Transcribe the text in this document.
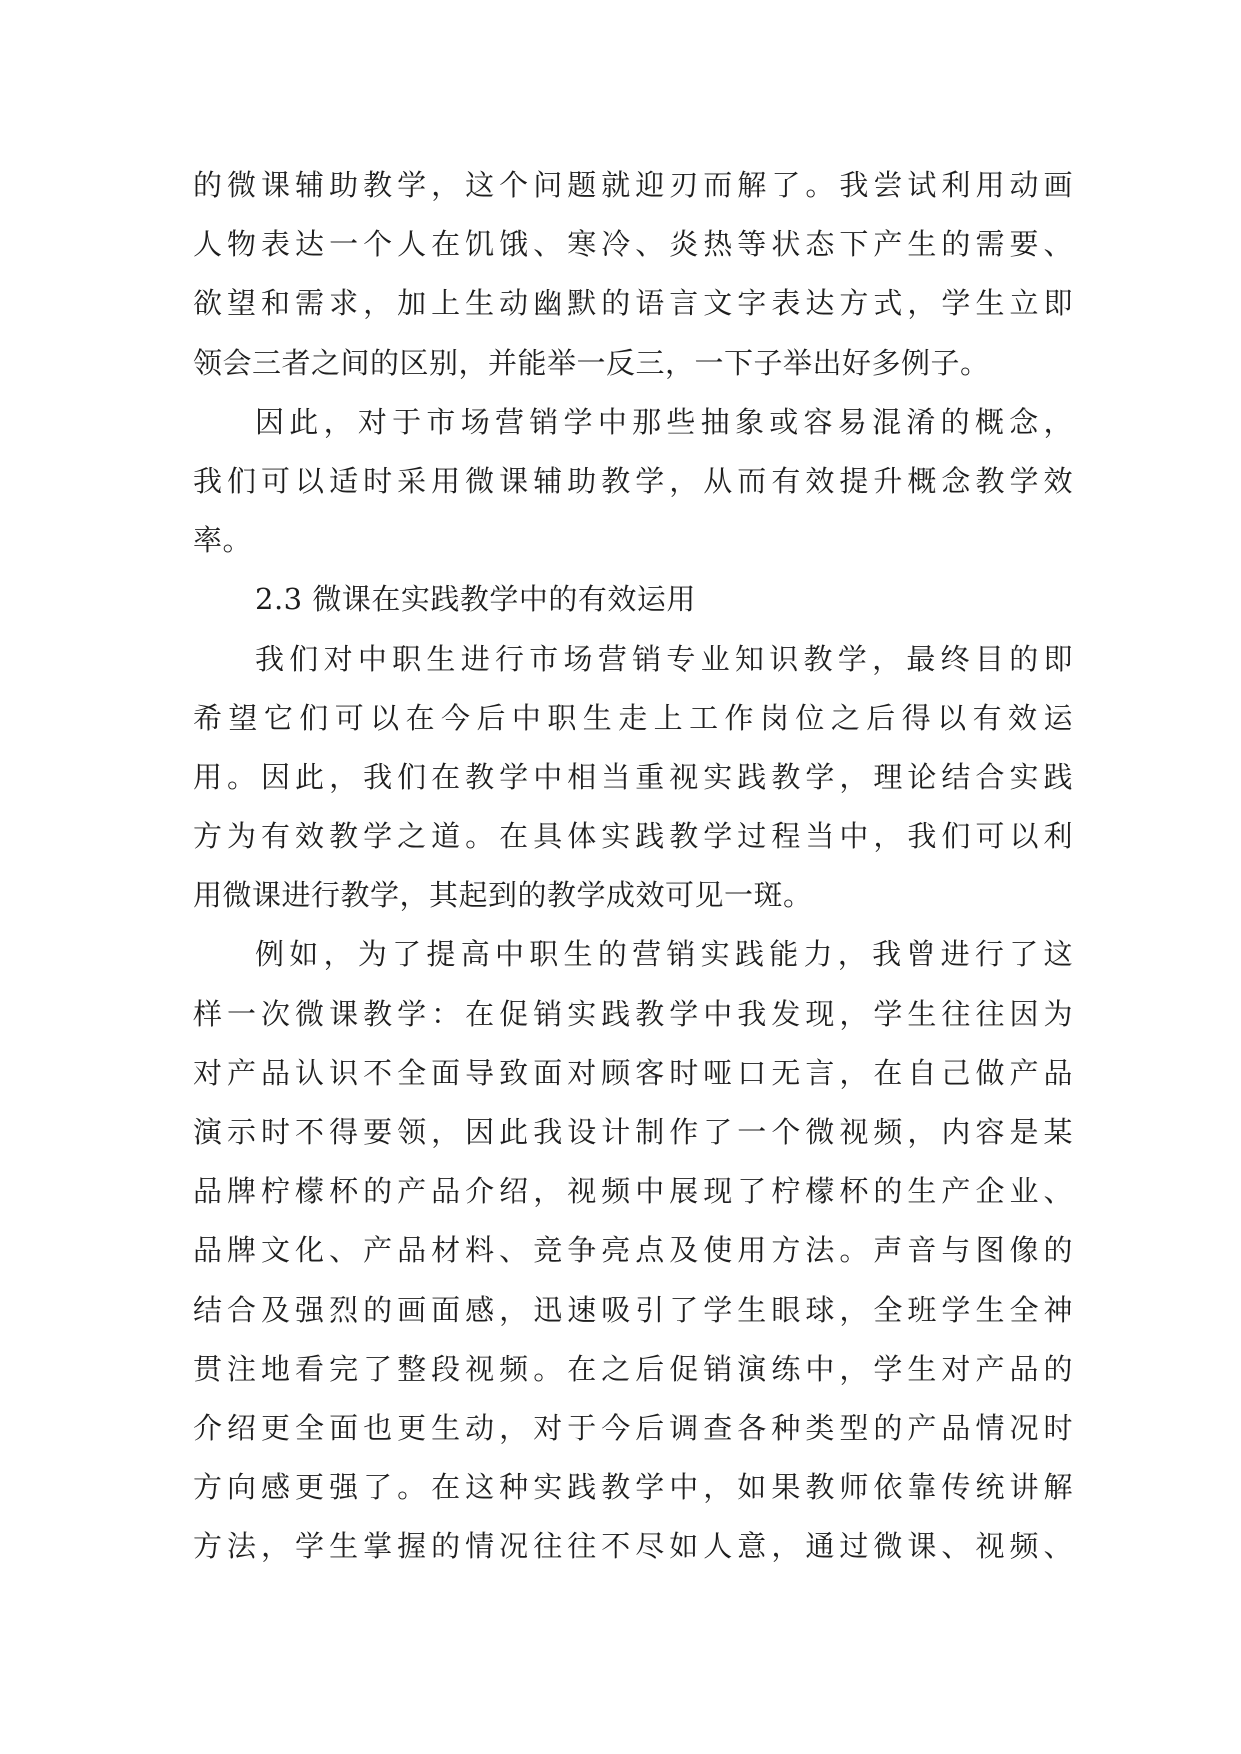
的微课辅助教学，这个问题就迎刃而解了。我尝试利用动画
人物表达一个人在饥饿、寒冷、炎热等状态下产生的需要、
欲望和需求，加上生动幽默的语言文字表达方式，学生立即
领会三者之间的区别，并能举一反三，一下子举出好多例子。
因此，对于市场营销学中那些抽象或容易混淆的概念，
我们可以适时采用微课辅助教学，从而有效提升概念教学效
率。
2.3 微课在实践教学中的有效运用
我们对中职生进行市场营销专业知识教学，最终目的即
希望它们可以在今后中职生走上工作岗位之后得以有效运
用。因此，我们在教学中相当重视实践教学，理论结合实践
方为有效教学之道。在具体实践教学过程当中，我们可以利
用微课进行教学，其起到的教学成效可见一斑。
例如，为了提高中职生的营销实践能力，我曾进行了这
样一次微课教学：在促销实践教学中我发现，学生往往因为
对产品认识不全面导致面对顾客时哑口无言，在自己做产品
演示时不得要领，因此我设计制作了一个微视频，内容是某
品牌柠檬杯的产品介绍，视频中展现了柠檬杯的生产企业、
品牌文化、产品材料、竞争亮点及使用方法。声音与图像的
结合及强烈的画面感，迅速吸引了学生眼球，全班学生全神
贯注地看完了整段视频。在之后促销演练中，学生对产品的
介绍更全面也更生动，对于今后调查各种类型的产品情况时
方向感更强了。在这种实践教学中，如果教师依靠传统讲解
方法，学生掌握的情况往往不尽如人意，通过微课、视频、
